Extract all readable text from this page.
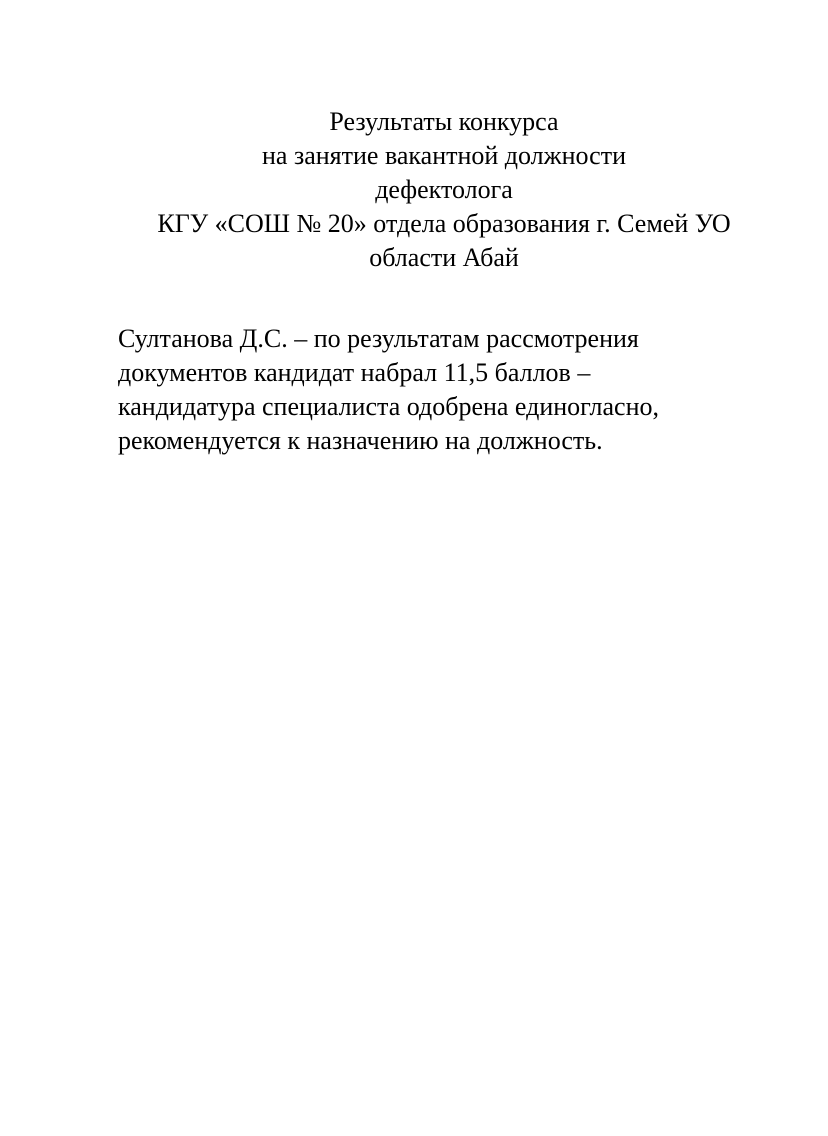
Результаты конкурса
на занятие вакантной должности
дефектолога
КГУ «СОШ № 20» отдела образования г. Семей УО
области Абай
Султанова Д.С. – по результатам рассмотрения
документов кандидат набрал 11,5 баллов –
кандидатура специалиста одобрена единогласно,
рекомендуется к назначению на должность.
